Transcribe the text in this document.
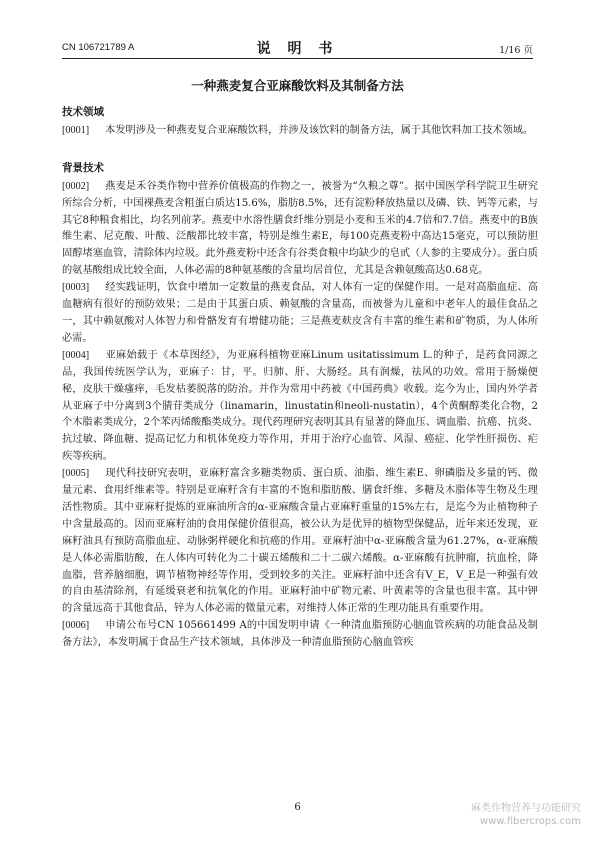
CN 106721789 A	说 明 书	1/16 页
一种燕麦复合亚麻酸饮料及其制备方法
技术领域

[0001] 本发明涉及一种燕麦复合亚麻酸饮料，并涉及该饮料的制备方法，属于其他饮料加工技术领域。

背景技术

[0002] 燕麦是禾谷类作物中营养价值极高的作物之一，被誉为“久粮之尊”。据中国医学科学院卫生研究所综合分析，中国裸燕麦含粗蛋白质达15.6%，脂肪8.5%，还有淀粉释放热量以及磷、铁、钙等元素，与其它8种粮食相比，均名列前茅。燕麦中水溶性膳食纤维分别是小麦和玉米的4.7倍和7.7倍。燕麦中的B族维生素、尼克酸、叶酸、泛酸都比较丰富，特别是维生素E，每100克燕麦粉中高达15毫克，可以预防胆固醇堵塞血管，清除体内垃圾。此外燕麦粉中还含有谷类食粮中均缺少的皂甙（人参的主要成分）。蛋白质的氨基酸组成比较全面，人体必需的8种氨基酸的含量均居首位，尤其是含赖氨酸高达0.68克。

[0003] 经实践证明，饮食中增加一定数量的燕麦食品，对人体有一定的保健作用。一是对高脂血症、高血糖病有很好的预防效果；二是由于其蛋白质、赖氨酸的含量高，而被誉为儿童和中老年人的最佳食品之一，其中赖氨酸对人体智力和骨骼发育有增健功能；三是燕麦麸皮含有丰富的维生素和矿物质，为人体所必需。

[0004] 亚麻始载于《本草图经》，为亚麻科植物亚麻Linum usitatissimum L.的种子，是药食同源之品，我国传统医学认为，亚麻子：甘，平。归肺、肝、大肠经。具有润燥，祛风的功效。常用于肠燥便秘，皮肤干燥瘙痒，毛发枯萎脱落的防治。并作为常用中药被《中国药典》收载。迄今为止，国内外学者从亚麻子中分离到3个腈苷类成分（linamarin，linustatin和neoli-nustatin），4个黄酮醇类化合物，2个木脂素类成分，2个苯丙烯酸酯类成分。现代药理研究表明其具有显著的降血压、调血脂、抗癌、抗炎、抗过敏、降血糖、提高记忆力和机体免疫力等作用，并用于治疗心血管、风湿、癌症、化学性肝损伤、疟疾等疾病。

[0005] 现代科技研究表明，亚麻籽富含多糖类物质、蛋白质、油脂、维生素E、卵磷脂及多量的钙、微量元素、食用纤维素等。特别是亚麻籽含有丰富的不饱和脂肪酸、膳食纤维、多糖及木脂体等生物及生理活性物质。其中亚麻籽提炼的亚麻油所含的α-亚麻酸含量占亚麻籽重量的15%左右，是迄今为止植物种子中含量最高的。因而亚麻籽油的食用保健价值很高，被公认为是优异的植物型保健品，近年来还发现，亚麻籽油具有预防高脂血症、动脉粥样硬化和抗癌的作用。亚麻籽油中α-亚麻酸含量为61.27%，α-亚麻酸是人体必需脂肪酸，在人体内可转化为二十碳五烯酸和二十二碳六烯酸。α-亚麻酸有抗肿瘤，抗血栓，降血脂，营养脑细胞，调节植物神经等作用，受到较多的关注。亚麻籽油中还含有V_E，V_E是一种强有效的自由基清除剂，有延缓衰老和抗氧化的作用。亚麻籽油中矿物元素、叶黄素等的含量也很丰富。其中钾的含量远高于其他食品，锌为人体必需的微量元素，对维持人体正常的生理功能具有重要作用。

[0006] 申请公布号CN 105661499 A的中国发明申请《一种清血脂预防心脑血管疾病的功能食品及制备方法》，本发明属于食品生产技术领域，具体涉及一种清血脂预防心脑血管疾

6	麻类作物营养与功能研究
www.fibercrops.com
